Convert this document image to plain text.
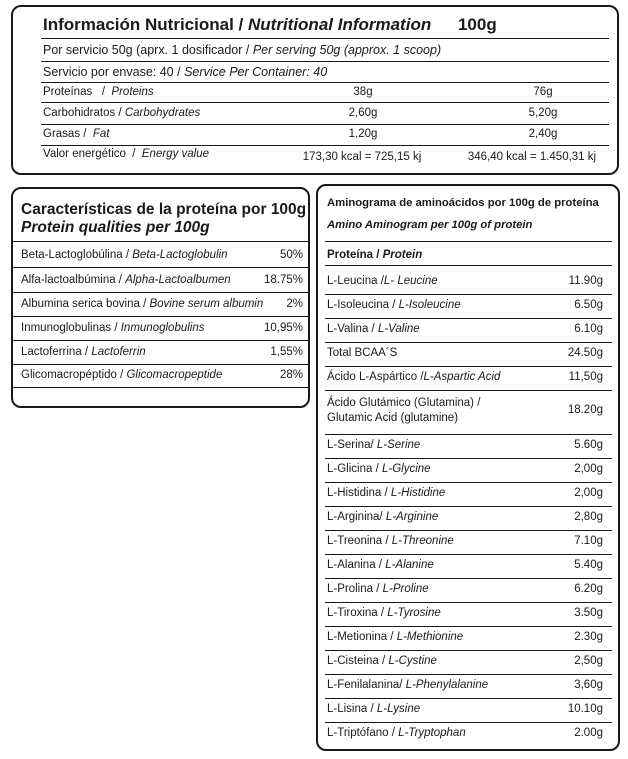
Información Nutricional / Nutritional Information 100g
Por servicio 50g (aprx. 1 dosificador / Per serving 50g (approx. 1 scoop)
Servicio por envase: 40 / Service Per Container: 40
Proteínas / Proteins	38g	76g
Carbohidratos / Carbohydrates	2,60g	5,20g
Grasas / Fat	1,20g	2,40g
Valor energético / Energy value	173,30 kcal = 725,15 kj	346,40 kcal = 1.450,31 kj
Características de la proteína por 100g
Protein qualities per 100g
Beta-Lactoglobúlina / Beta-Lactoglobulin	50%
Alfa-lactoalbúmina / Alpha-Lactoalbumen	18.75%
Albumina serica bovina / Bovine serum albumin 2%
Inmunoglobulinas / Inmunoglobulins	10,95%
Lactoferrina / Lactoferrin	1,55%
Glicomacropéptido / Glicomacropeptide	28%
Aminograma de aminoácidos por 100g de proteína
Amino Aminogram per 100g of protein
Proteína / Protein
L-Leucina /L- Leucine	11.90g
L-Isoleucina / L-Isoleucine	6.50g
L-Valina / L-Valine	6.10g
Total BCAA´S	24.50g
Ácido L-Aspártico /L-Aspartic Acid	11,50g
Ácido Glutámico (Glutamina) / Glutamic Acid (glutamine)
18.20g
L-Serina/ L-Serine	5.60g
L-Glicina / L-Glycine	2,00g
L-Histidina / L-Histidine	2,00g
L-Arginina/ L-Arginine	2,80g
L-Treonina / L-Threonine	7.10g
L-Alanina / L-Alanine	5.40g
L-Prolina / L-Proline	6.20g
L-Tiroxina / L-Tyrosine	3.50g
L-Metionina / L-Methionine	2.30g
L-Cisteina / L-Cystine	2,50g
L-Fenilalanina/ L-Phenylalanine	3,60g
L-Lisina / L-Lysine	10.10g
L-Triptófano / L-Tryptophan	2.00g
